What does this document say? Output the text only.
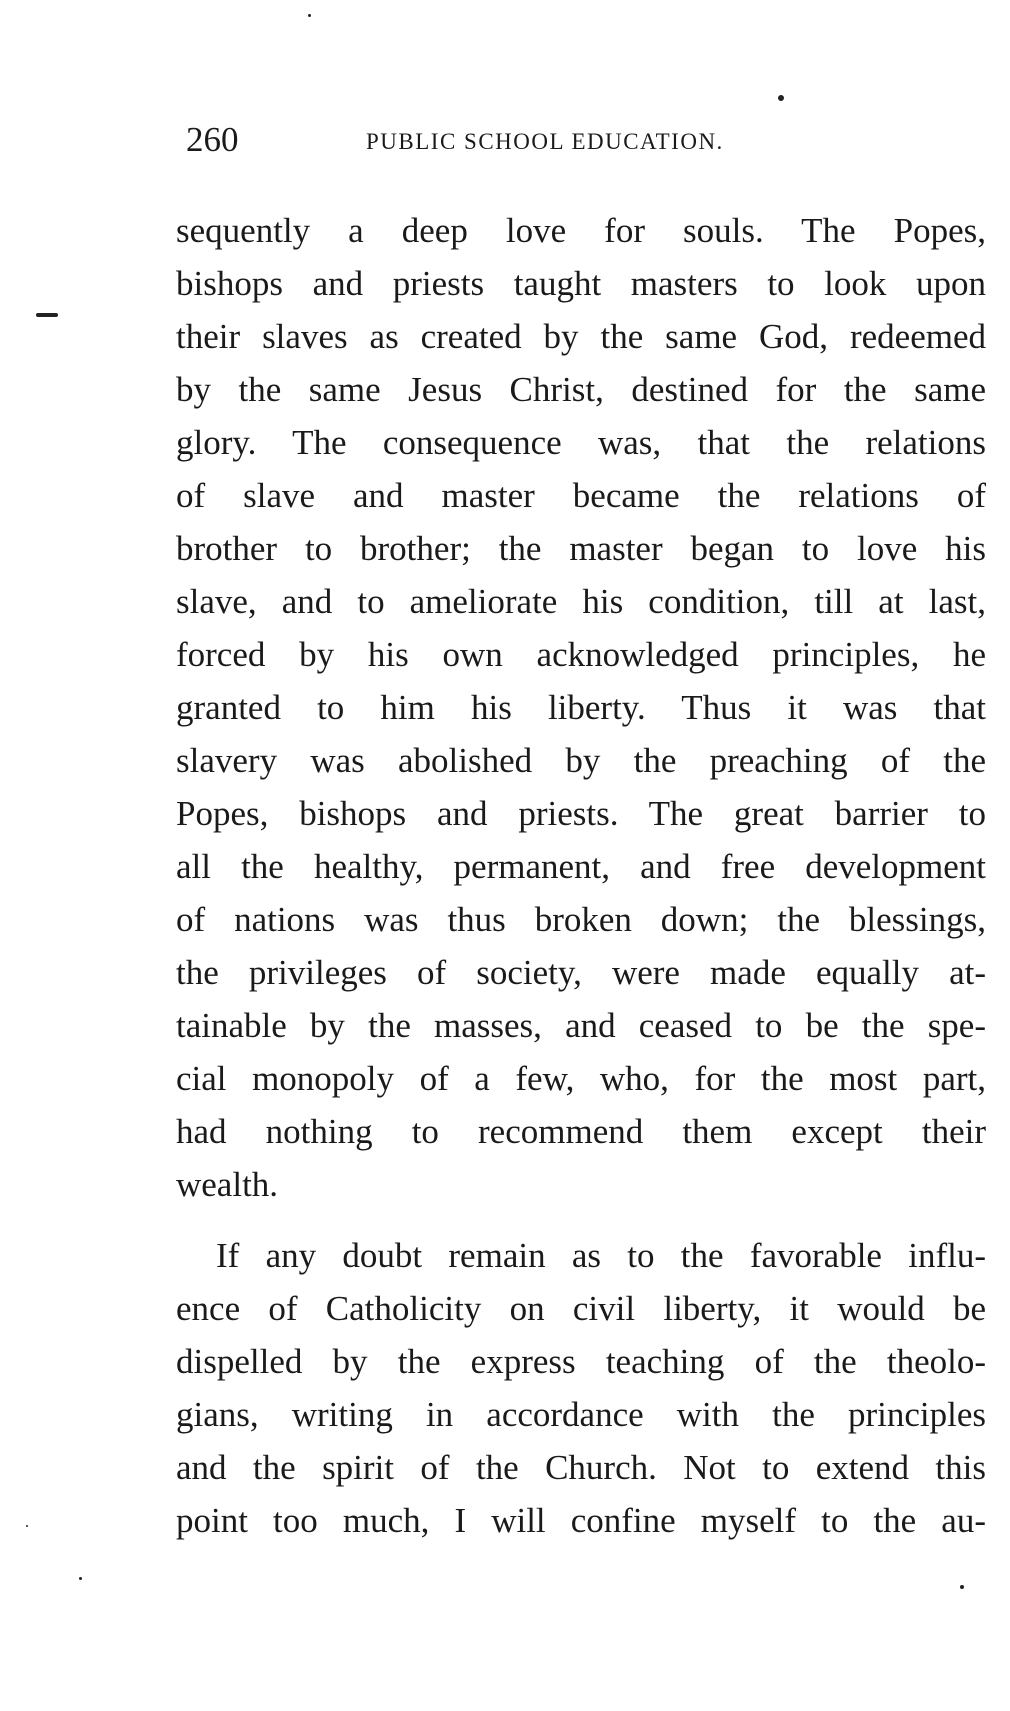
260	PUBLIC SCHOOL EDUCATION.
sequently a deep love for souls. The Popes,
bishops and priests taught masters to look upon
their slaves as created by the same God, redeemed
by the same Jesus Christ, destined for the same
glory. The consequence was, that the relations
of slave and master became the relations of
brother to brother; the master began to love his
slave, and to ameliorate his condition, till at last,
forced by his own acknowledged principles, he
granted to him his liberty. Thus it was that
slavery was abolished by the preaching of the
Popes, bishops and priests. The great barrier to
all the healthy, permanent, and free development
of nations was thus broken down; the blessings,
the privileges of society, were made equally at-
tainable by the masses, and ceased to be the spe-
cial monopoly of a few, who, for the most part,
had nothing to recommend them except their
wealth.
If any doubt remain as to the favorable influ-
ence of Catholicity on civil liberty, it would be
dispelled by the express teaching of the theolo-
gians, writing in accordance with the principles
and the spirit of the Church. Not to extend this
point too much, I will confine myself to the au-
